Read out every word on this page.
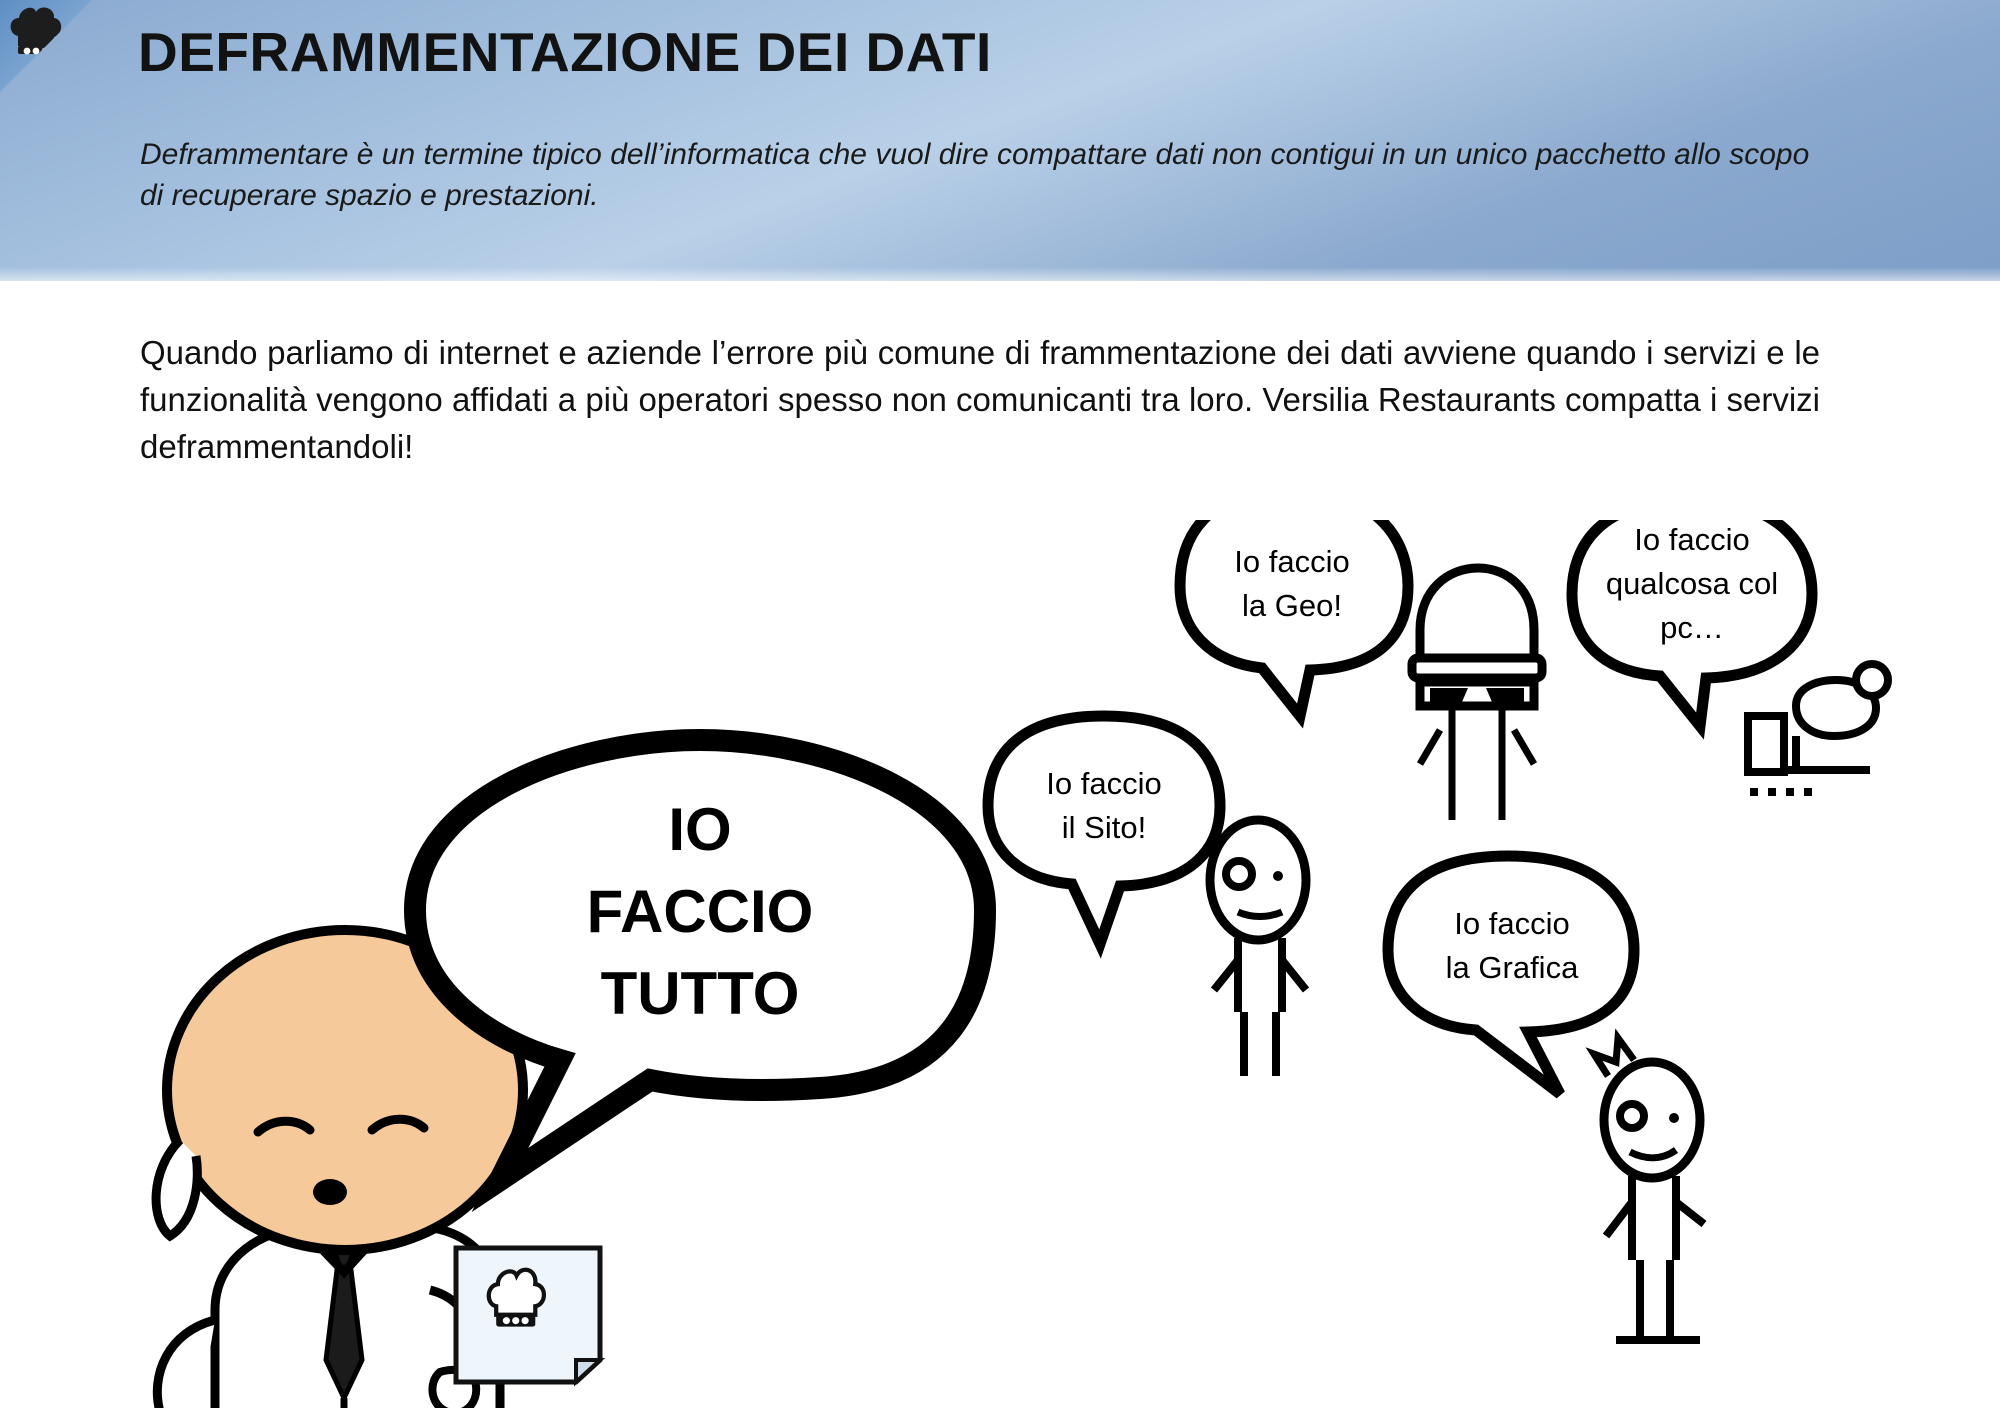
DEFRAMMENTAZIONE DEI DATI
Deframmentare è un termine tipico dell’informatica che vuol dire compattare dati non contigui in un unico pacchetto allo scopo di recuperare spazio e prestazioni.
Quando parliamo di internet e aziende l’errore più comune di frammentazione dei dati avviene quando i servizi e le funzionalità vengono affidati a più operatori spesso non comunicanti tra loro. Versilia Restaurants compatta i servizi deframmentandoli!
IO
FACCIO
TUTTO
Io faccio
la Geo!
Io faccio
qualcosa col
pc…
Io faccio
il Sito!
Io faccio
la Grafica
